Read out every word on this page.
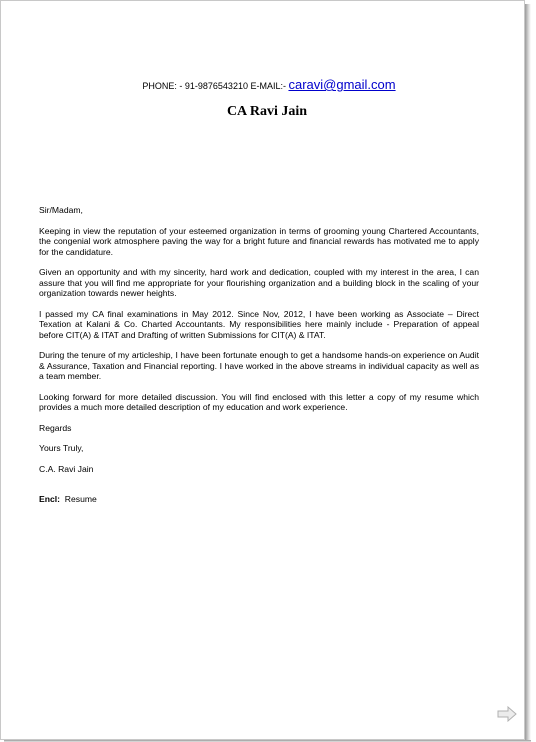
PHONE: - 91-9876543210 E-MAIL:- caravi@gmail.com
CA Ravi Jain

Sir/Madam,

Keeping in view the reputation of your esteemed organization in terms of grooming young Chartered Accountants, the congenial work atmosphere paving the way for a bright future and financial rewards has motivated me to apply for the candidature.

Given an opportunity and with my sincerity, hard work and dedication, coupled with my interest in the area, I can assure that you will find me appropriate for your flourishing organization and a building block in the scaling of your organization towards newer heights.

I passed my CA final examinations in May 2012. Since Nov, 2012, I have been working as Associate – Direct Texation at Kalani & Co. Charted Accountants. My responsibilities here mainly include - Preparation of appeal before CIT(A) & ITAT and Drafting of written Submissions for CIT(A) & ITAT.

During the tenure of my articleship, I have been fortunate enough to get a handsome hands-on experience on Audit & Assurance, Taxation and Financial reporting. I have worked in the above streams in individual capacity as well as a team member.

Looking forward for more detailed discussion. You will find enclosed with this letter a copy of my resume which provides a much more detailed description of my education and work experience.

Regards

Yours Truly,

C.A. Ravi Jain

Encl: Resume
